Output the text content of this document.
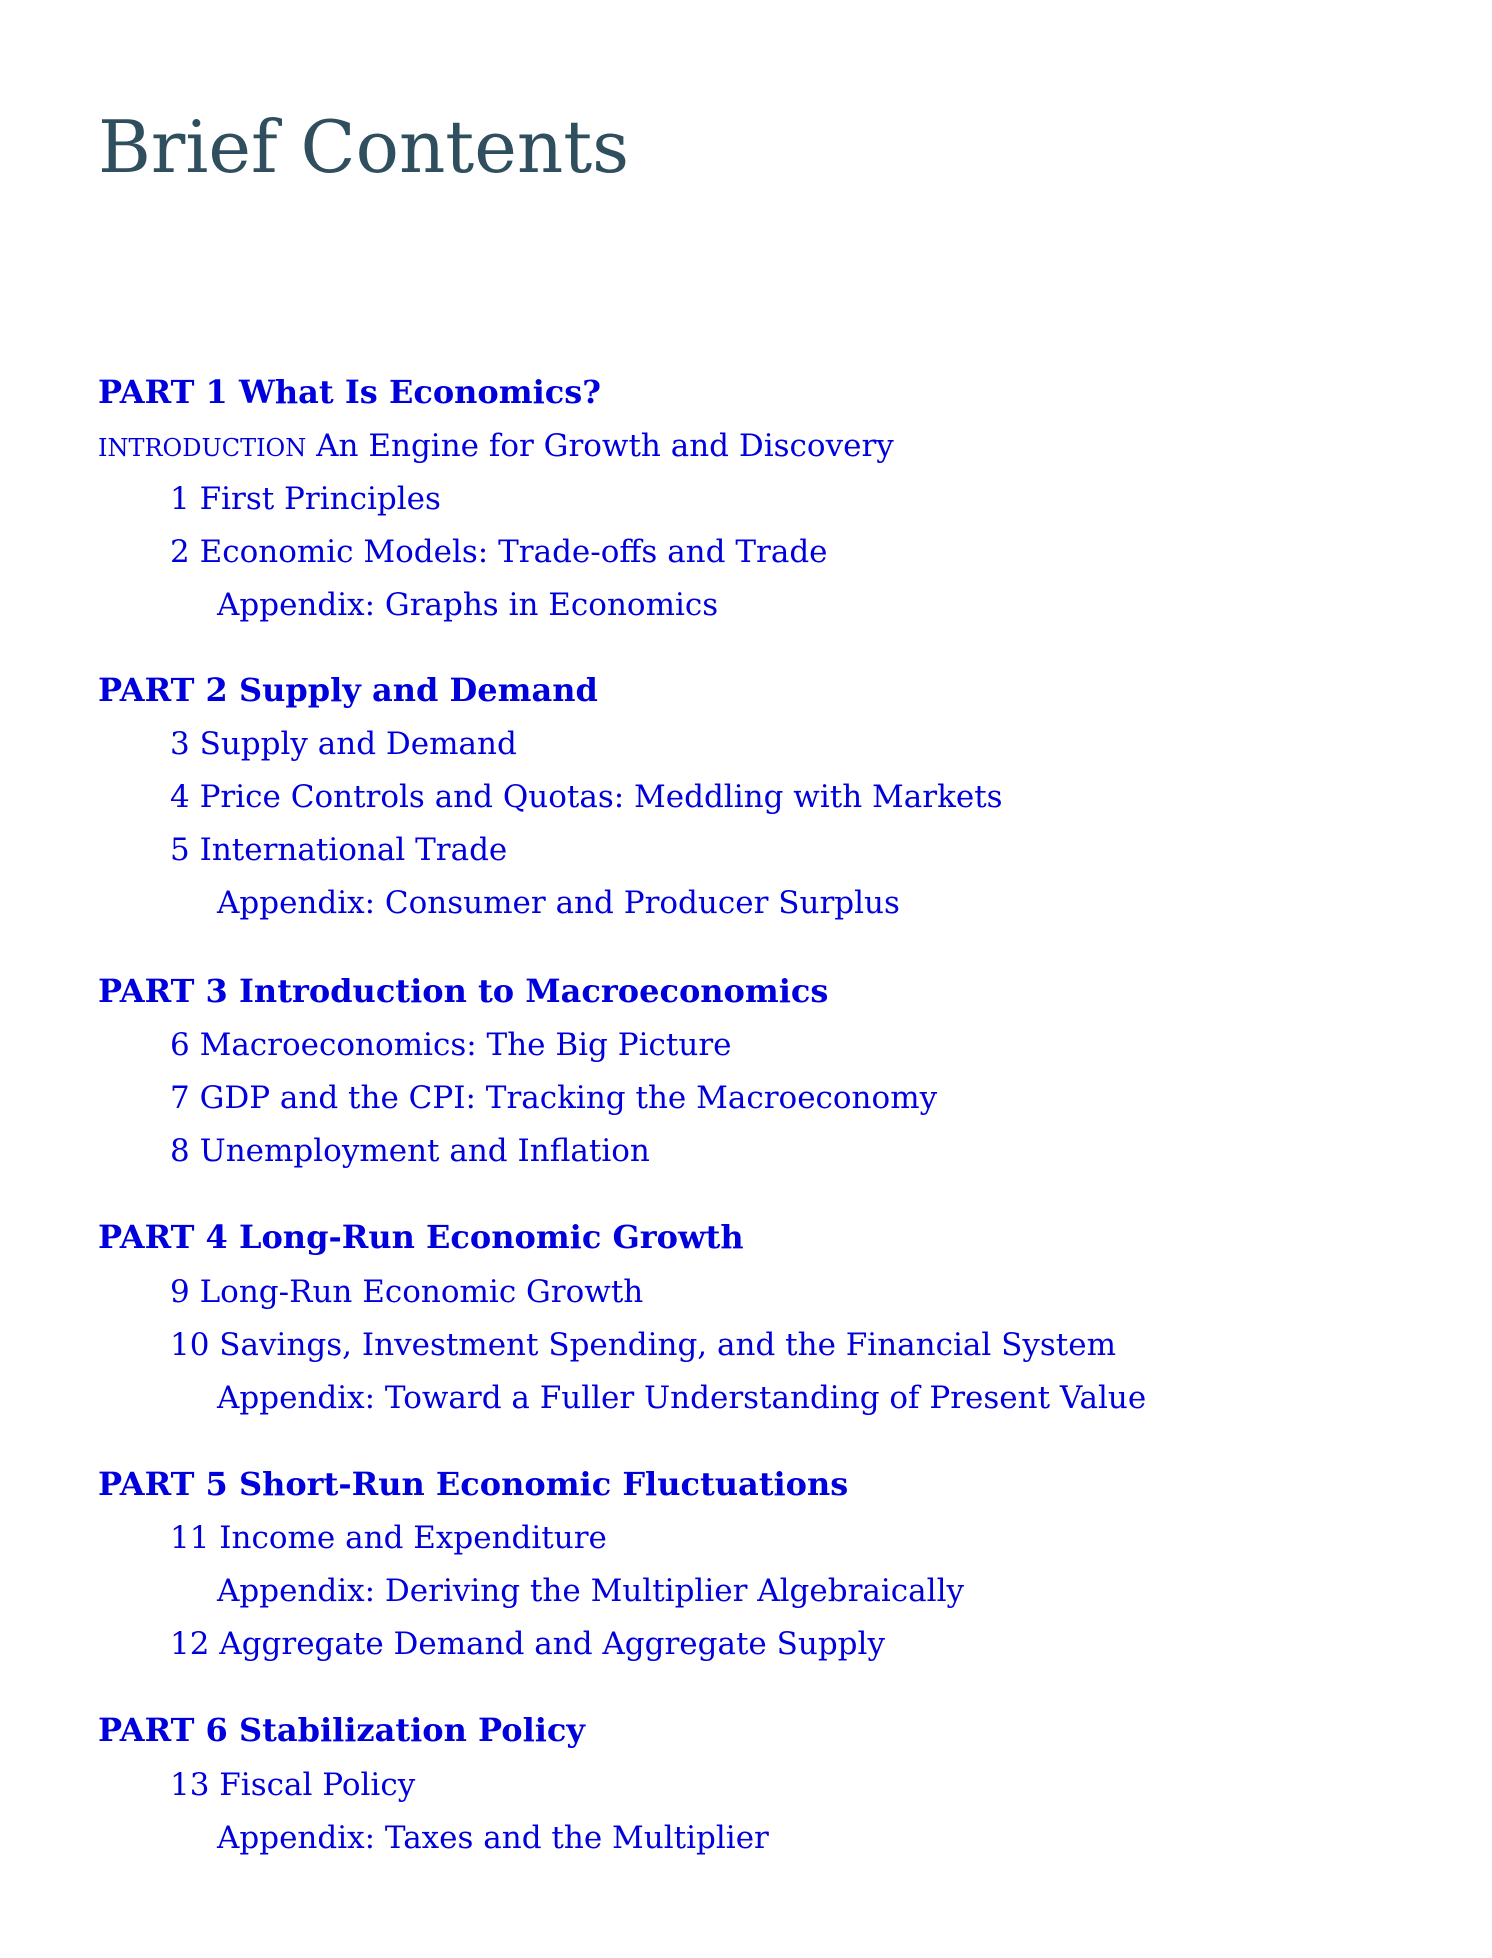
Brief Contents
PART 1 What Is Economics?
INTRODUCTION An Engine for Growth and Discovery
1 First Principles
2 Economic Models: Trade-offs and Trade
Appendix: Graphs in Economics
PART 2 Supply and Demand
3 Supply and Demand
4 Price Controls and Quotas: Meddling with Markets
5 International Trade
Appendix: Consumer and Producer Surplus
PART 3 Introduction to Macroeconomics
6 Macroeconomics: The Big Picture
7 GDP and the CPI: Tracking the Macroeconomy
8 Unemployment and Inflation
PART 4 Long-Run Economic Growth
9 Long-Run Economic Growth
10 Savings, Investment Spending, and the Financial System
Appendix: Toward a Fuller Understanding of Present Value
PART 5 Short-Run Economic Fluctuations
11 Income and Expenditure
Appendix: Deriving the Multiplier Algebraically
12 Aggregate Demand and Aggregate Supply
PART 6 Stabilization Policy
13 Fiscal Policy
Appendix: Taxes and the Multiplier
